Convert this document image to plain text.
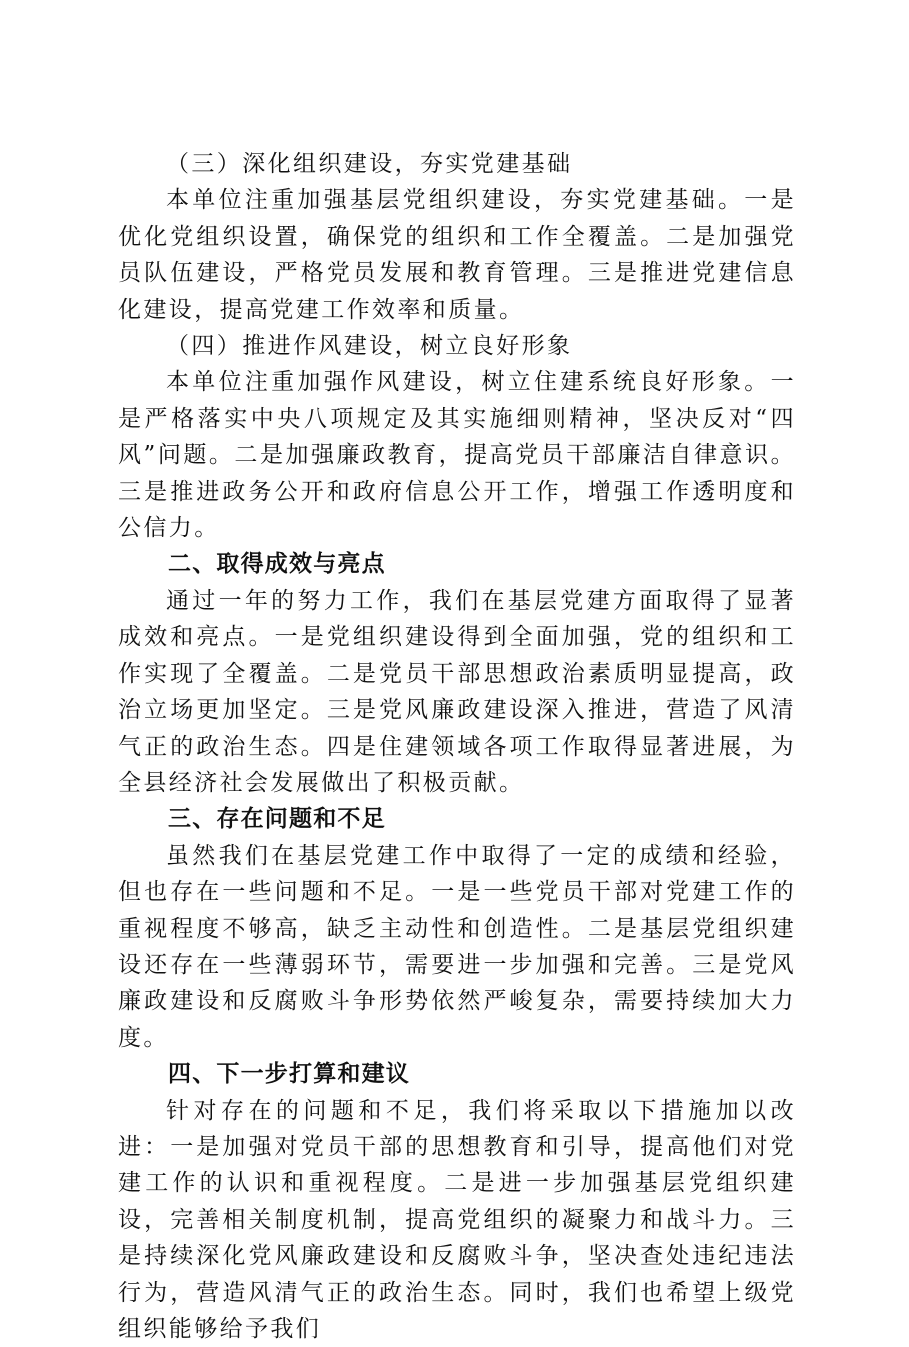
（三）深化组织建设，夯实党建基础

本单位注重加强基层党组织建设，夯实党建基础。一是优化党组织设置，确保党的组织和工作全覆盖。二是加强党员队伍建设，严格党员发展和教育管理。三是推进党建信息化建设，提高党建工作效率和质量。

（四）推进作风建设，树立良好形象

本单位注重加强作风建设，树立住建系统良好形象。一是严格落实中央八项规定及其实施细则精神，坚决反对“四风”问题。二是加强廉政教育，提高党员干部廉洁自律意识。三是推进政务公开和政府信息公开工作，增强工作透明度和公信力。

二、取得成效与亮点

通过一年的努力工作，我们在基层党建方面取得了显著成效和亮点。一是党组织建设得到全面加强，党的组织和工作实现了全覆盖。二是党员干部思想政治素质明显提高，政治立场更加坚定。三是党风廉政建设深入推进，营造了风清气正的政治生态。四是住建领域各项工作取得显著进展，为全县经济社会发展做出了积极贡献。

三、存在问题和不足

虽然我们在基层党建工作中取得了一定的成绩和经验，但也存在一些问题和不足。一是一些党员干部对党建工作的重视程度不够高，缺乏主动性和创造性。二是基层党组织建设还存在一些薄弱环节，需要进一步加强和完善。三是党风廉政建设和反腐败斗争形势依然严峻复杂，需要持续加大力度。

四、下一步打算和建议

针对存在的问题和不足，我们将采取以下措施加以改进：一是加强对党员干部的思想教育和引导，提高他们对党建工作的认识和重视程度。二是进一步加强基层党组织建设，完善相关制度机制，提高党组织的凝聚力和战斗力。三是持续深化党风廉政建设和反腐败斗争，坚决查处违纪违法行为，营造风清气正的政治生态。同时，我们也希望上级党组织能够给予我们
